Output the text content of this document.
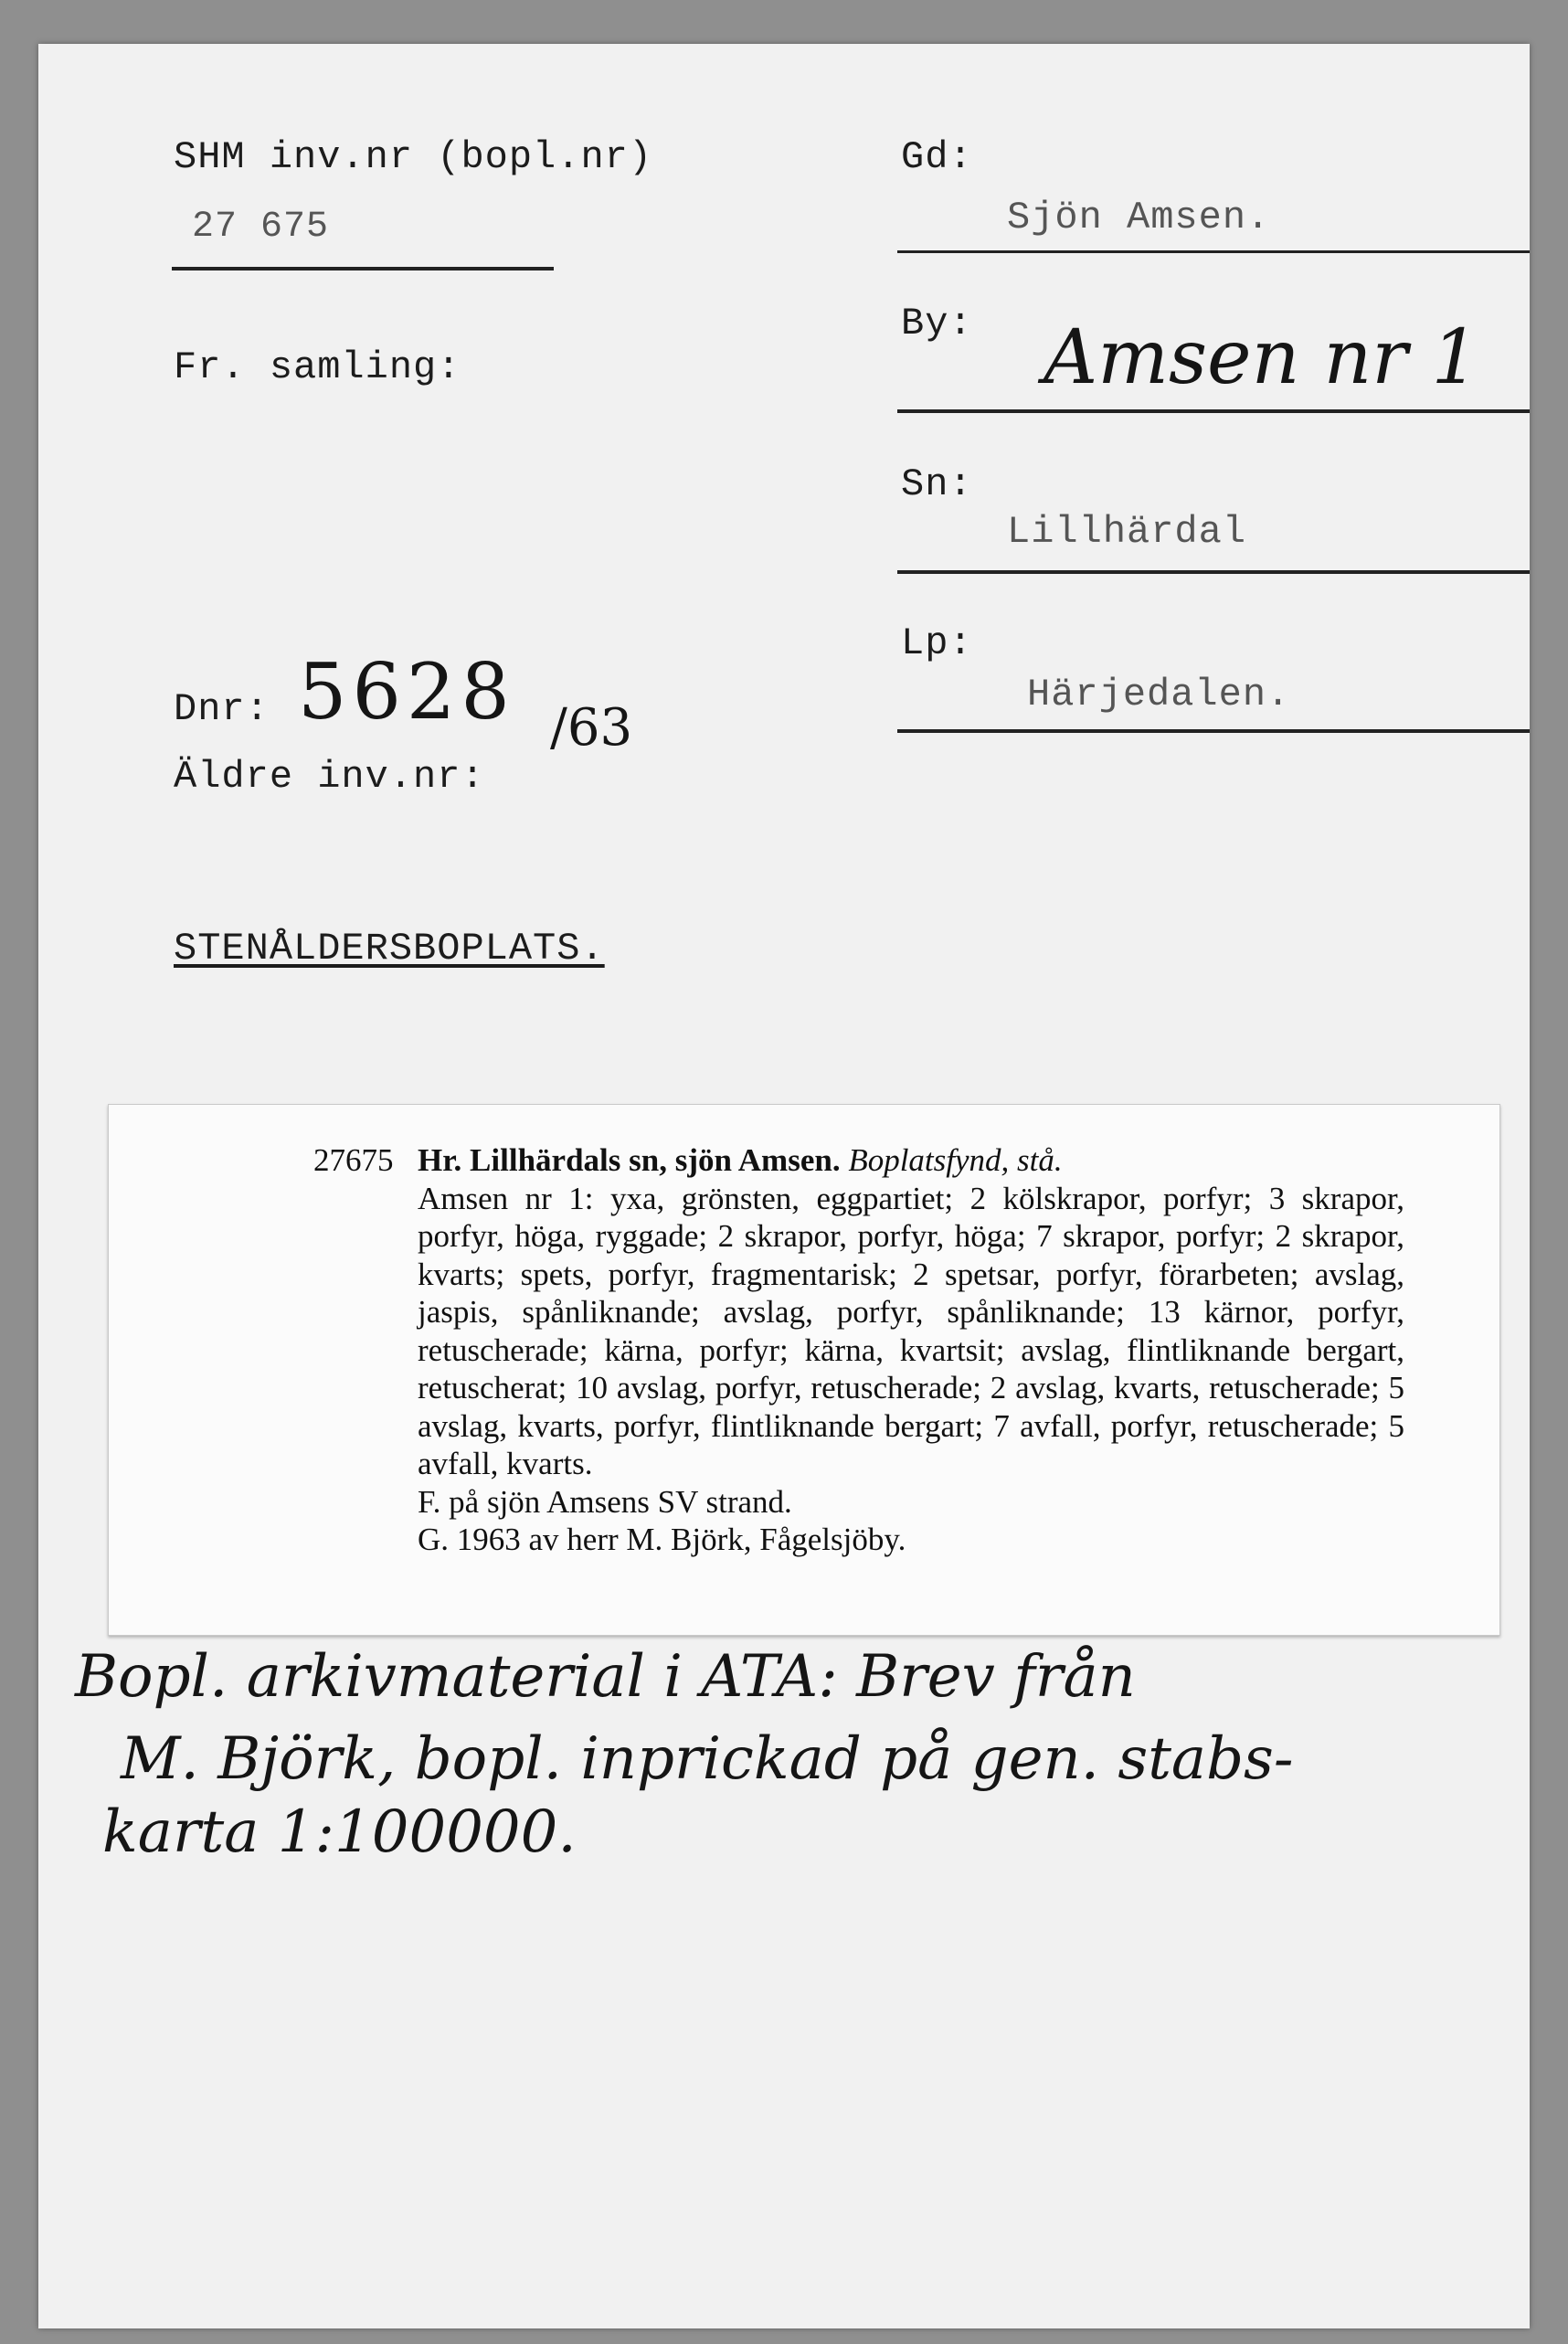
SHM inv.nr (bopl.nr)
27 675
Fr. samling:
Dnr: 5628 /63
Äldre inv.nr:
STENÅLDERSBOPLATS.
Gd:
Sjön Amsen.
By: Amsen nr 1
Sn:
Lillhärdal
Lp:
Härjedalen.
27675 Hr. Lillhärdals sn, sjön Amsen. Boplatsfynd, stå.

Amsen nr 1: yxa, grönsten, eggpartiet; 2 kölskrapor, porfyr; 3 skrapor, porfyr, höga, ryggade; 2 skrapor, porfyr, höga; 7 skrapor, porfyr; 2 skrapor, kvarts; spets, porfyr, fragmentarisk; 2 spetsar, porfyr, förarbeten; avslag, jaspis, spånliknande; avslag, porfyr, spånliknande; 13 kärnor, porfyr, retuscherade; kärna, porfyr; kärna, kvartsit; avslag, flintliknande bergart, retuscherat; 10 avslag, porfyr, retuscherade; 2 avslag, kvarts, retuscherade; 5 avslag, kvarts, porfyr, flintliknande bergart; 7 avfall, porfyr, retuscherade; 5 avfall, kvarts.

F. på sjön Amsens SV strand.

G. 1963 av herr M. Björk, Fågelsjöby.

Bopl. arkivmaterial i ATA: Brev från
M. Björk, bopl. inprickad på gen. stabs-
karta 1:100000.
